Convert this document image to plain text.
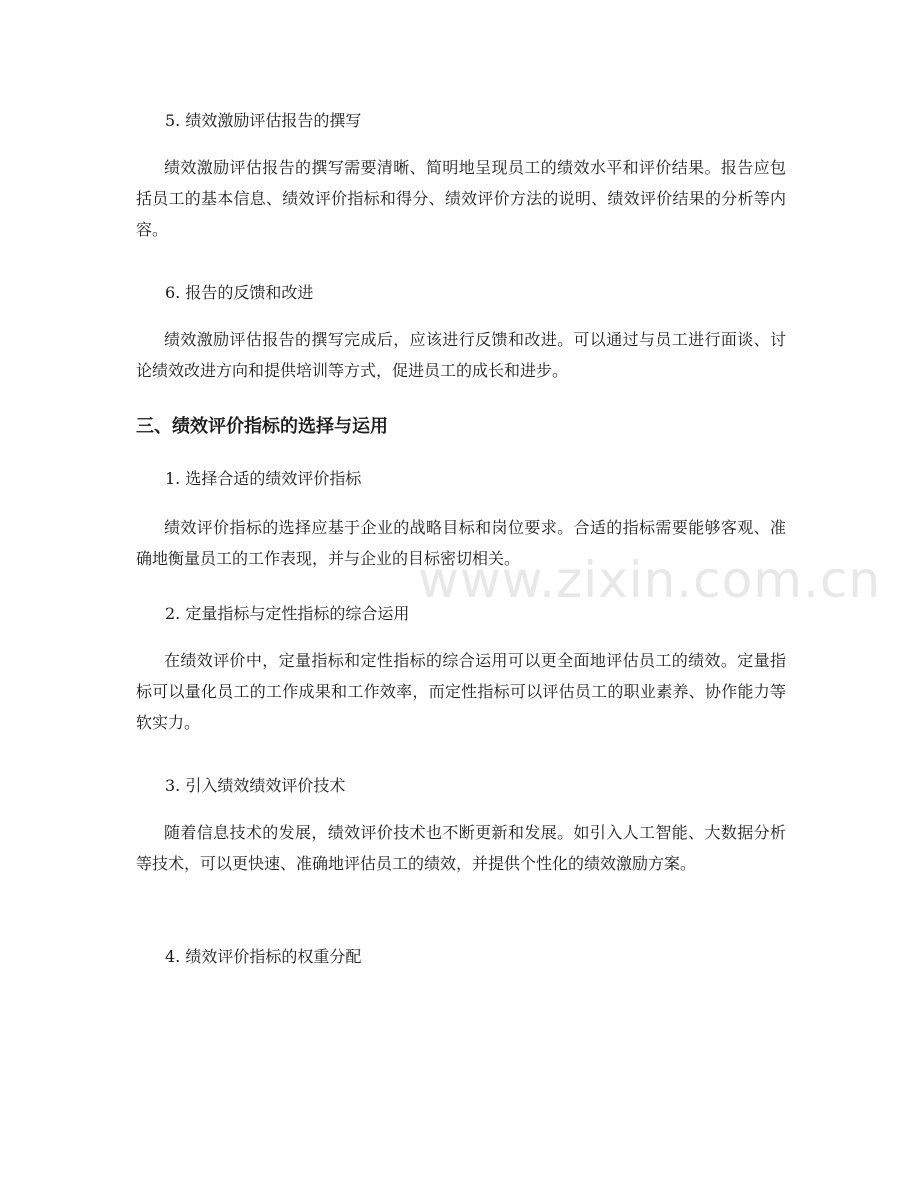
5. 绩效激励评估报告的撰写
绩效激励评估报告的撰写需要清晰、简明地呈现员工的绩效水平和评价结果。报告应包括员工的基本信息、绩效评价指标和得分、绩效评价方法的说明、绩效评价结果的分析等内容。
6. 报告的反馈和改进
绩效激励评估报告的撰写完成后，应该进行反馈和改进。可以通过与员工进行面谈、讨论绩效改进方向和提供培训等方式，促进员工的成长和进步。
三、绩效评价指标的选择与运用
1. 选择合适的绩效评价指标
绩效评价指标的选择应基于企业的战略目标和岗位要求。合适的指标需要能够客观、准确地衡量员工的工作表现，并与企业的目标密切相关。
2. 定量指标与定性指标的综合运用
在绩效评价中，定量指标和定性指标的综合运用可以更全面地评估员工的绩效。定量指标可以量化员工的工作成果和工作效率，而定性指标可以评估员工的职业素养、协作能力等软实力。
3. 引入绩效绩效评价技术
随着信息技术的发展，绩效评价技术也不断更新和发展。如引入人工智能、大数据分析等技术，可以更快速、准确地评估员工的绩效，并提供个性化的绩效激励方案。
4. 绩效评价指标的权重分配
www.zixin.com.cn
